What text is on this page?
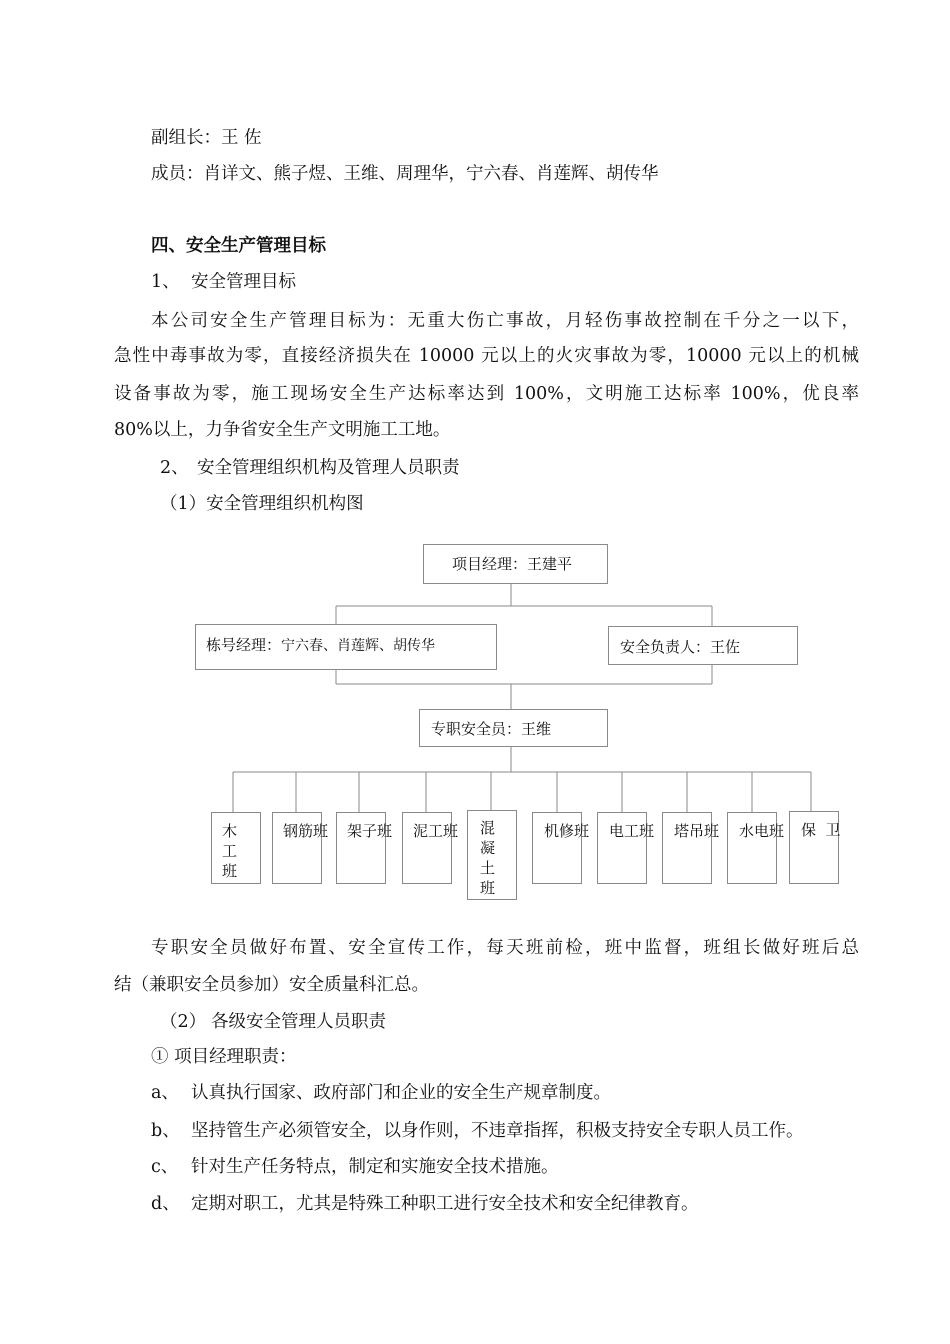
副组长：王 佐
成员：肖详文、熊子煜、王维、周理华，宁六春、肖莲辉、胡传华
四、安全生产管理目标
1、 安全管理目标
本公司安全生产管理目标为：无重大伤亡事故，月轻伤事故控制在千分之一以下，
急性中毒事故为零，直接经济损失在 10000 元以上的火灾事故为零，10000 元以上的机械
设备事故为零，施工现场安全生产达标率达到 100%，文明施工达标率 100%，优良率
80%以上，力争省安全生产文明施工工地。
2、 安全管理组织机构及管理人员职责
（1）安全管理组织机构图
项目经理：王建平
栋号经理：宁六春、肖莲辉、胡传华	安全负责人：王佐
专职安全员：王维
木
工
班
钢筋班 架子班 泥工班 混
凝
土
班
机修班 电工班 塔吊班 水电班 保  卫
专职安全员做好布置、安全宣传工作，每天班前检，班中监督，班组长做好班后总
结（兼职安全员参加）安全质量科汇总。
（2） 各级安全管理人员职责
① 项目经理职责：
a、 认真执行国家、政府部门和企业的安全生产规章制度。
b、 坚持管生产必须管安全，以身作则，不违章指挥，积极支持安全专职人员工作。
c、 针对生产任务特点，制定和实施安全技术措施。
d、 定期对职工，尤其是特殊工种职工进行安全技术和安全纪律教育。
